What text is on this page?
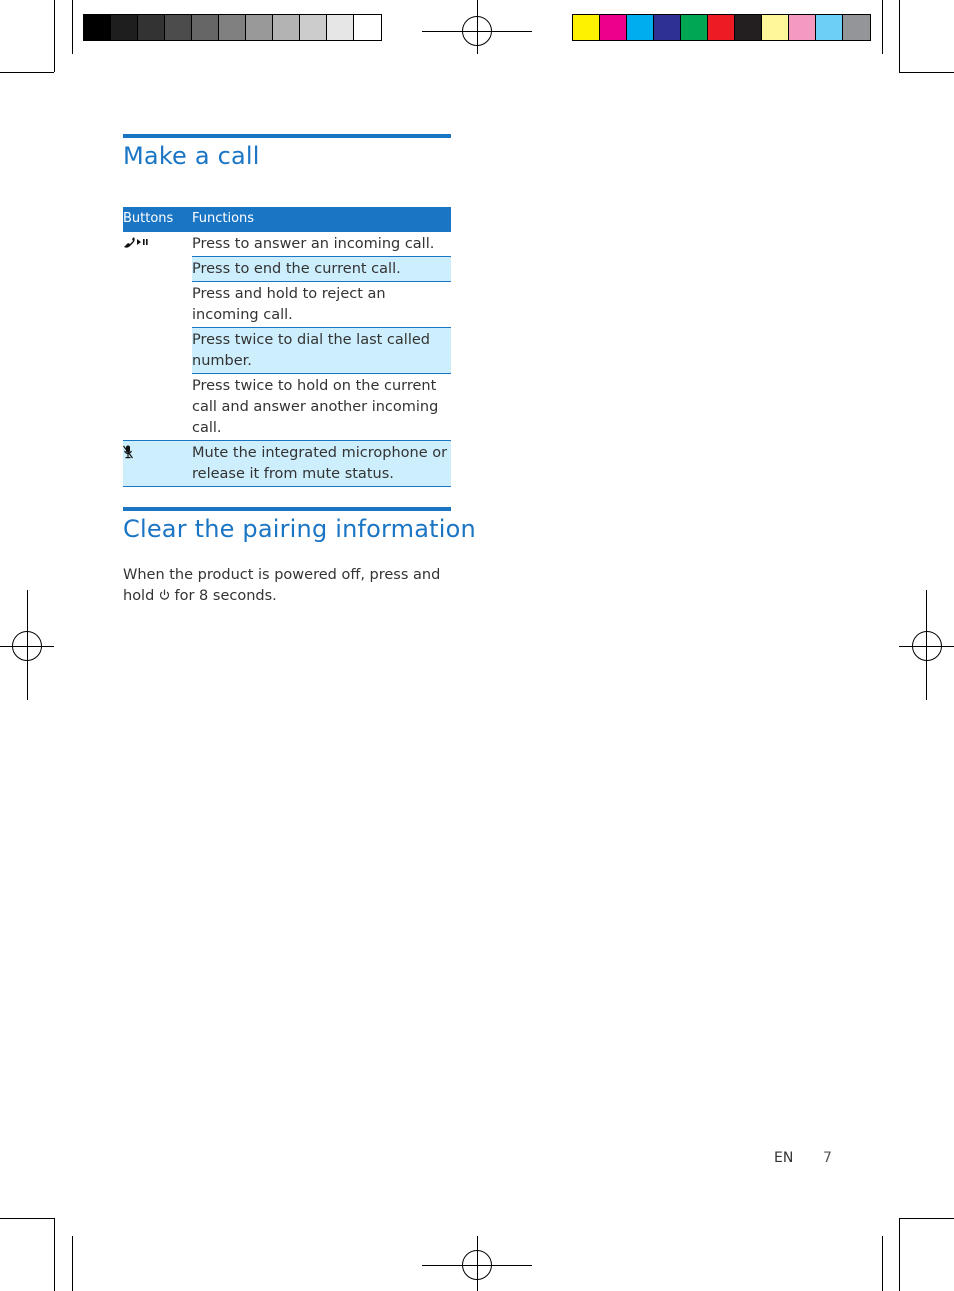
Make a call
Buttons	Functions
Press to answer an incoming call.
Press to end the current call.
Press and hold to reject an incoming call.
Press twice to dial the last called number.
Press twice to hold on the current call and answer another incoming call.
Mute the integrated microphone or release it from mute status.
Clear the pairing information

When the product is powered off, press and hold  for 8 seconds.

EN 7
